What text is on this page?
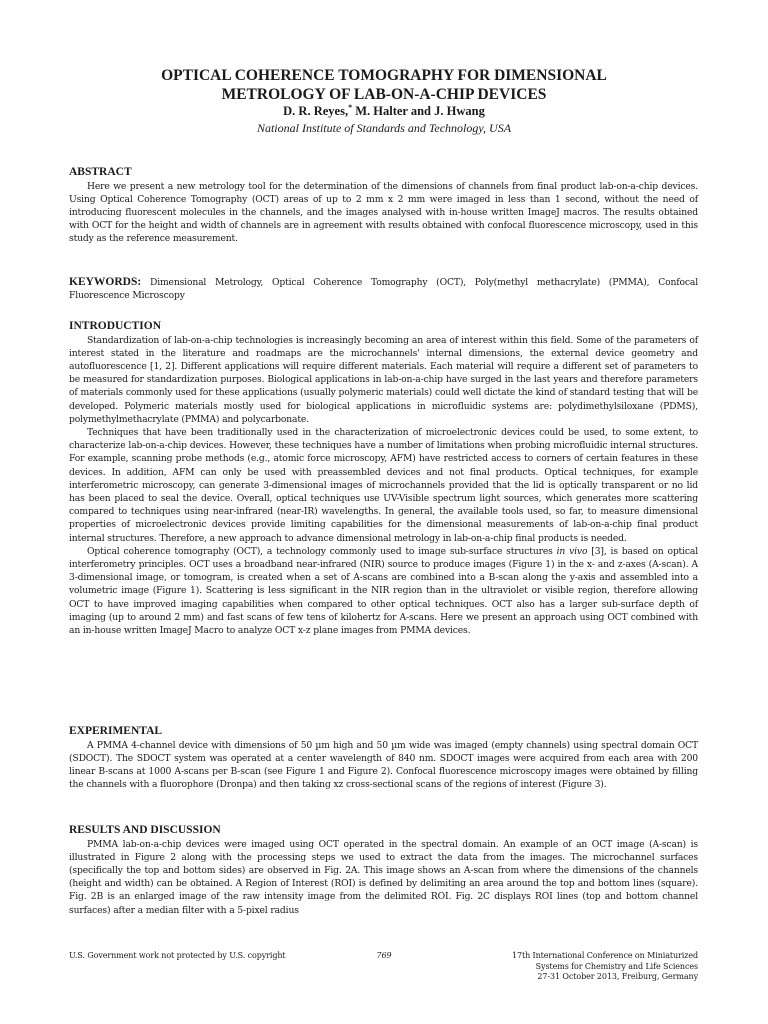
OPTICAL COHERENCE TOMOGRAPHY FOR DIMENSIONAL
METROLOGY OF LAB-ON-A-CHIP DEVICES

D. R. Reyes,* M. Halter and J. Hwang

National Institute of Standards and Technology, USA

ABSTRACT

Here we present a new metrology tool for the determination of the dimensions of channels from final product lab-on-a-chip devices. Using Optical Coherence Tomography (OCT) areas of up to 2 mm x 2 mm were imaged in less than 1 second, without the need of introducing fluorescent molecules in the channels, and the images analysed with in-house written ImageJ macros. The results obtained with OCT for the height and width of channels are in agreement with results obtained with confocal fluorescence microscopy, used in this study as the reference measurement.

KEYWORDS: Dimensional Metrology, Optical Coherence Tomography (OCT), Poly(methyl methacrylate) (PMMA), Confocal Fluorescence Microscopy

INTRODUCTION

Standardization of lab-on-a-chip technologies is increasingly becoming an area of interest within this field. Some of the parameters of interest stated in the literature and roadmaps are the microchannels' internal dimensions, the external device geometry and autofluorescence [1, 2]. Different applications will require different materials. Each material will require a different set of parameters to be measured for standardization purposes. Biological applications in lab-on-a-chip have surged in the last years and therefore parameters of materials commonly used for these applications (usually polymeric materials) could well dictate the kind of standard testing that will be developed. Polymeric materials mostly used for biological applications in microfluidic systems are: polydimethylsiloxane (PDMS), polymethylmethacrylate (PMMA) and polycarbonate.

Techniques that have been traditionally used in the characterization of microelectronic devices could be used, to some extent, to characterize lab-on-a-chip devices. However, these techniques have a number of limitations when probing microfluidic internal structures. For example, scanning probe methods (e.g., atomic force microscopy, AFM) have restricted access to corners of certain features in these devices. In addition, AFM can only be used with preassembled devices and not final products. Optical techniques, for example interferometric microscopy, can generate 3-dimensional images of microchannels provided that the lid is optically transparent or no lid has been placed to seal the device. Overall, optical techniques use UV-Visible spectrum light sources, which generates more scattering compared to techniques using near-infrared (near-IR) wavelengths. In general, the available tools used, so far, to measure dimensional properties of microelectronic devices provide limiting capabilities for the dimensional measurements of lab-on-a-chip final product internal structures. Therefore, a new approach to advance dimensional metrology in lab-on-a-chip final products is needed.

Optical coherence tomography (OCT), a technology commonly used to image sub-surface structures in vivo [3], is based on optical interferometry principles. OCT uses a broadband near-infrared (NIR) source to produce images (Figure 1) in the x- and z-axes (A-scan). A 3-dimensional image, or tomogram, is created when a set of A-scans are combined into a B-scan along the y-axis and assembled into a volumetric image (Figure 1). Scattering is less significant in the NIR region than in the ultraviolet or visible region, therefore allowing OCT to have improved imaging capabilities when compared to other optical techniques. OCT also has a larger sub-surface depth of imaging (up to around 2 mm) and fast scans of few tens of kilohertz for A-scans. Here we present an approach using OCT combined with an in-house written ImageJ Macro to analyze OCT x-z plane images from PMMA devices.

EXPERIMENTAL

A PMMA 4-channel device with dimensions of 50 µm high and 50 µm wide was imaged (empty channels) using spectral domain OCT (SDOCT). The SDOCT system was operated at a center wavelength of 840 nm. SDOCT images were acquired from each area with 200 linear B-scans at 1000 A-scans per B-scan (see Figure 1 and Figure 2). Confocal fluorescence microscopy images were obtained by filling the channels with a fluorophore (Dronpa) and then taking xz cross-sectional scans of the regions of interest (Figure 3).

RESULTS AND DISCUSSION

PMMA lab-on-a-chip devices were imaged using OCT operated in the spectral domain. An example of an OCT image (A-scan) is illustrated in Figure 2 along with the processing steps we used to extract the data from the images. The microchannel surfaces (specifically the top and bottom sides) are observed in Fig. 2A. This image shows an A-scan from where the dimensions of the channels (height and width) can be obtained. A Region of Interest (ROI) is defined by delimiting an area around the top and bottom lines (square). Fig. 2B is an enlarged image of the raw intensity image from the delimited ROI. Fig. 2C displays ROI lines (top and bottom channel surfaces) after a median filter with a 5-pixel radius

U.S. Government work not protected by U.S. copyright	769	17th International Conference on Miniaturized
Systems for Chemistry and Life Sciences
27-31 October 2013, Freiburg, Germany
